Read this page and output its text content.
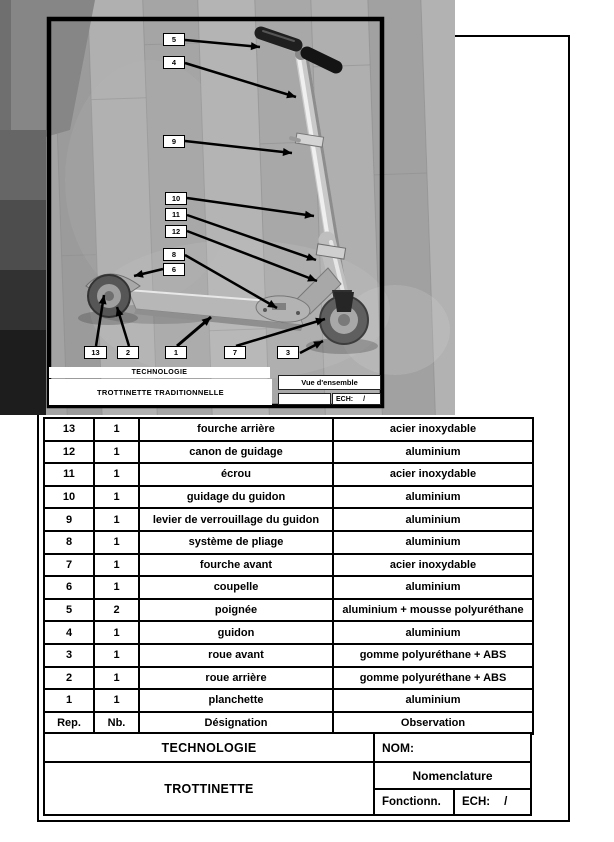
5
4
9
10
11
12
8
6
13	2	1	7	3
TECHNOLOGIE
TROTTINETTE TRADITIONNELLE
Vue d'ensemble
ECH: /
13	1	fourche arrière	acier inoxydable
12	1	canon de guidage	aluminium
11	1	écrou	acier inoxydable
10	1	guidage du guidon	aluminium
9	1	levier de verrouillage du guidon	aluminium
8	1	système de pliage	aluminium
7	1	fourche avant	acier inoxydable
6	1	coupelle	aluminium
5	2	poignée	aluminium + mousse polyuréthane
4	1	guidon	aluminium
3	1	roue avant	gomme polyuréthane + ABS
2	1	roue arrière	gomme polyuréthane + ABS
1	1	planchette	aluminium
Rep.	Nb.	Désignation	Observation
TECHNOLOGIE
TROTTINETTE
NOM:
Nomenclature
Fonctionn.	ECH: /
